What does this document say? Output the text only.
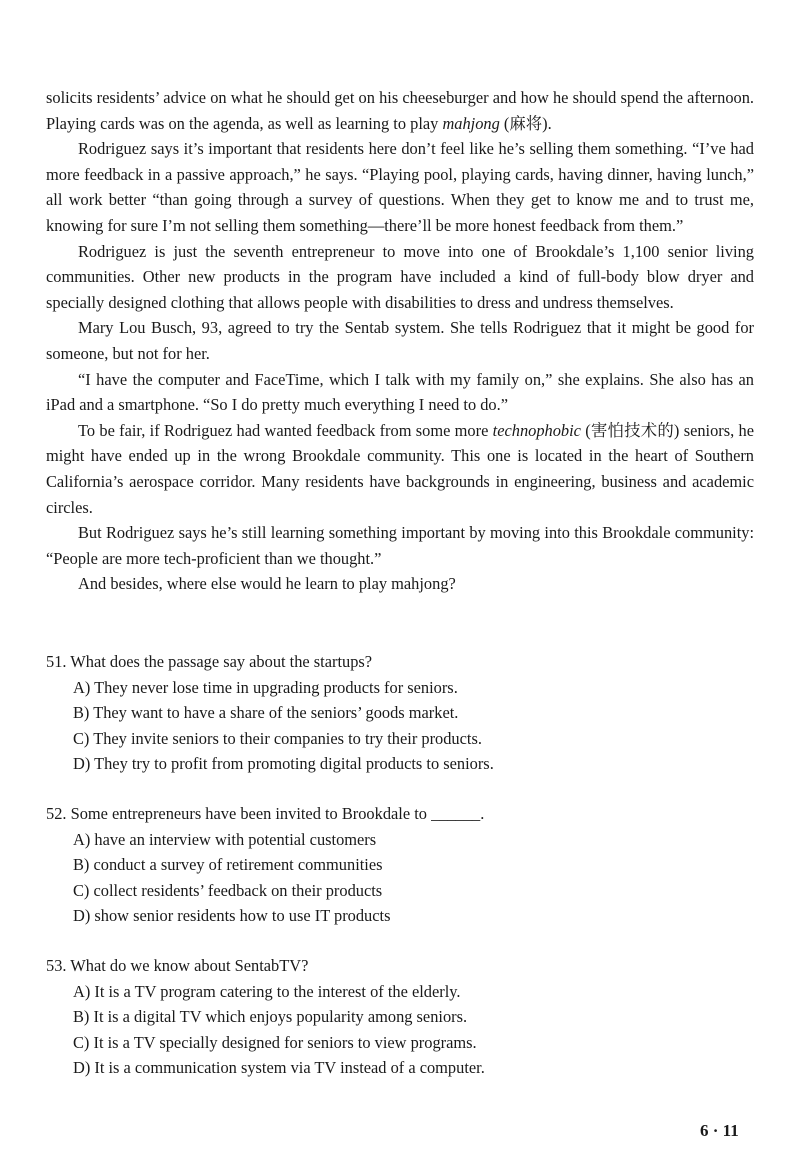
solicits residents’ advice on what he should get on his cheeseburger and how he should spend the afternoon. Playing cards was on the agenda, as well as learning to play mahjong (麻将).

Rodriguez says it’s important that residents here don’t feel like he’s selling them something. “I’ve had more feedback in a passive approach,” he says. “Playing pool, playing cards, having dinner, having lunch,” all work better “than going through a survey of questions. When they get to know me and to trust me, knowing for sure I’m not selling them something—there’ll be more honest feedback from them.”

Rodriguez is just the seventh entrepreneur to move into one of Brookdale’s 1,100 senior living communities. Other new products in the program have included a kind of full-body blow dryer and specially designed clothing that allows people with disabilities to dress and undress themselves.

Mary Lou Busch, 93, agreed to try the Sentab system. She tells Rodriguez that it might be good for someone, but not for her.

“I have the computer and FaceTime, which I talk with my family on,” she explains. She also has an iPad and a smartphone. “So I do pretty much everything I need to do.”

To be fair, if Rodriguez had wanted feedback from some more technophobic (害怕技术的) seniors, he might have ended up in the wrong Brookdale community. This one is located in the heart of Southern California’s aerospace corridor. Many residents have backgrounds in engineering, business and academic circles.

But Rodriguez says he’s still learning something important by moving into this Brookdale community: “People are more tech-proficient than we thought.”

And besides, where else would he learn to play mahjong?

51. What does the passage say about the startups?

A) They never lose time in upgrading products for seniors.

B) They want to have a share of the seniors’ goods market.

C) They invite seniors to their companies to try their products.

D) They try to profit from promoting digital products to seniors.

52. Some entrepreneurs have been invited to Brookdale to ______.

A) have an interview with potential customers

B) conduct a survey of retirement communities

C) collect residents’ feedback on their products

D) show senior residents how to use IT products

53. What do we know about SentabTV?

A) It is a TV program catering to the interest of the elderly.

B) It is a digital TV which enjoys popularity among seniors.

C) It is a TV specially designed for seniors to view programs.

D) It is a communication system via TV instead of a computer.

6 · 11
